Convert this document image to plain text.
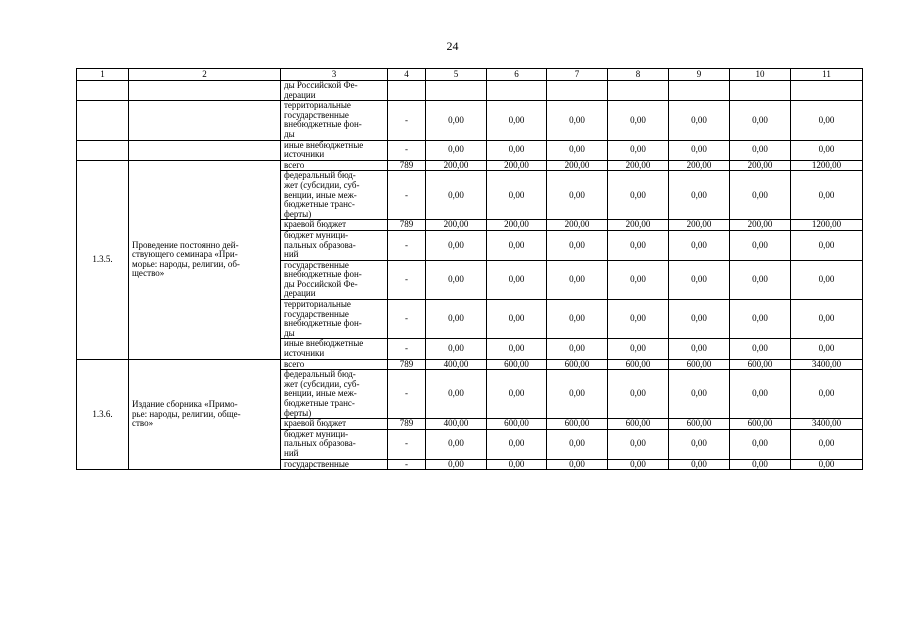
24
1	2	3	4	5	6	7	8	9	10	11
		ды Российской Фе-
дерации								
		территориальные
государственные
внебюджетные фон-
ды	-	0,00	0,00	0,00	0,00	0,00	0,00	0,00
		иные внебюджетные
источники	-	0,00	0,00	0,00	0,00	0,00	0,00	0,00
1.3.5.	Проведение постоянно дей-
ствующего семинара «При-
морье: народы, религии, об-
щество»	всего	789	200,00	200,00	200,00	200,00	200,00	200,00	1200,00
		федеральный бюд-
жет (субсидии, суб-
венции, иные меж-
бюджетные транс-
ферты)	-	0,00	0,00	0,00	0,00	0,00	0,00	0,00
		краевой бюджет	789	200,00	200,00	200,00	200,00	200,00	200,00	1200,00
		бюджет муници-
пальных образова-
ний	-	0,00	0,00	0,00	0,00	0,00	0,00	0,00
		государственные
внебюджетные фон-
ды Российской Фе-
дерации	-	0,00	0,00	0,00	0,00	0,00	0,00	0,00
		территориальные
государственные
внебюджетные фон-
ды	-	0,00	0,00	0,00	0,00	0,00	0,00	0,00
		иные внебюджетные
источники	-	0,00	0,00	0,00	0,00	0,00	0,00	0,00
1.3.6.	Издание сборника «Примо-
рье: народы, религии, обще-
ство»	всего	789	400,00	600,00	600,00	600,00	600,00	600,00	3400,00
		федеральный бюд-
жет (субсидии, суб-
венции, иные меж-
бюджетные транс-
ферты)	-	0,00	0,00	0,00	0,00	0,00	0,00	0,00
		краевой бюджет	789	400,00	600,00	600,00	600,00	600,00	600,00	3400,00
		бюджет муници-
пальных образова-
ний	-	0,00	0,00	0,00	0,00	0,00	0,00	0,00
		государственные	-	0,00	0,00	0,00	0,00	0,00	0,00	0,00
